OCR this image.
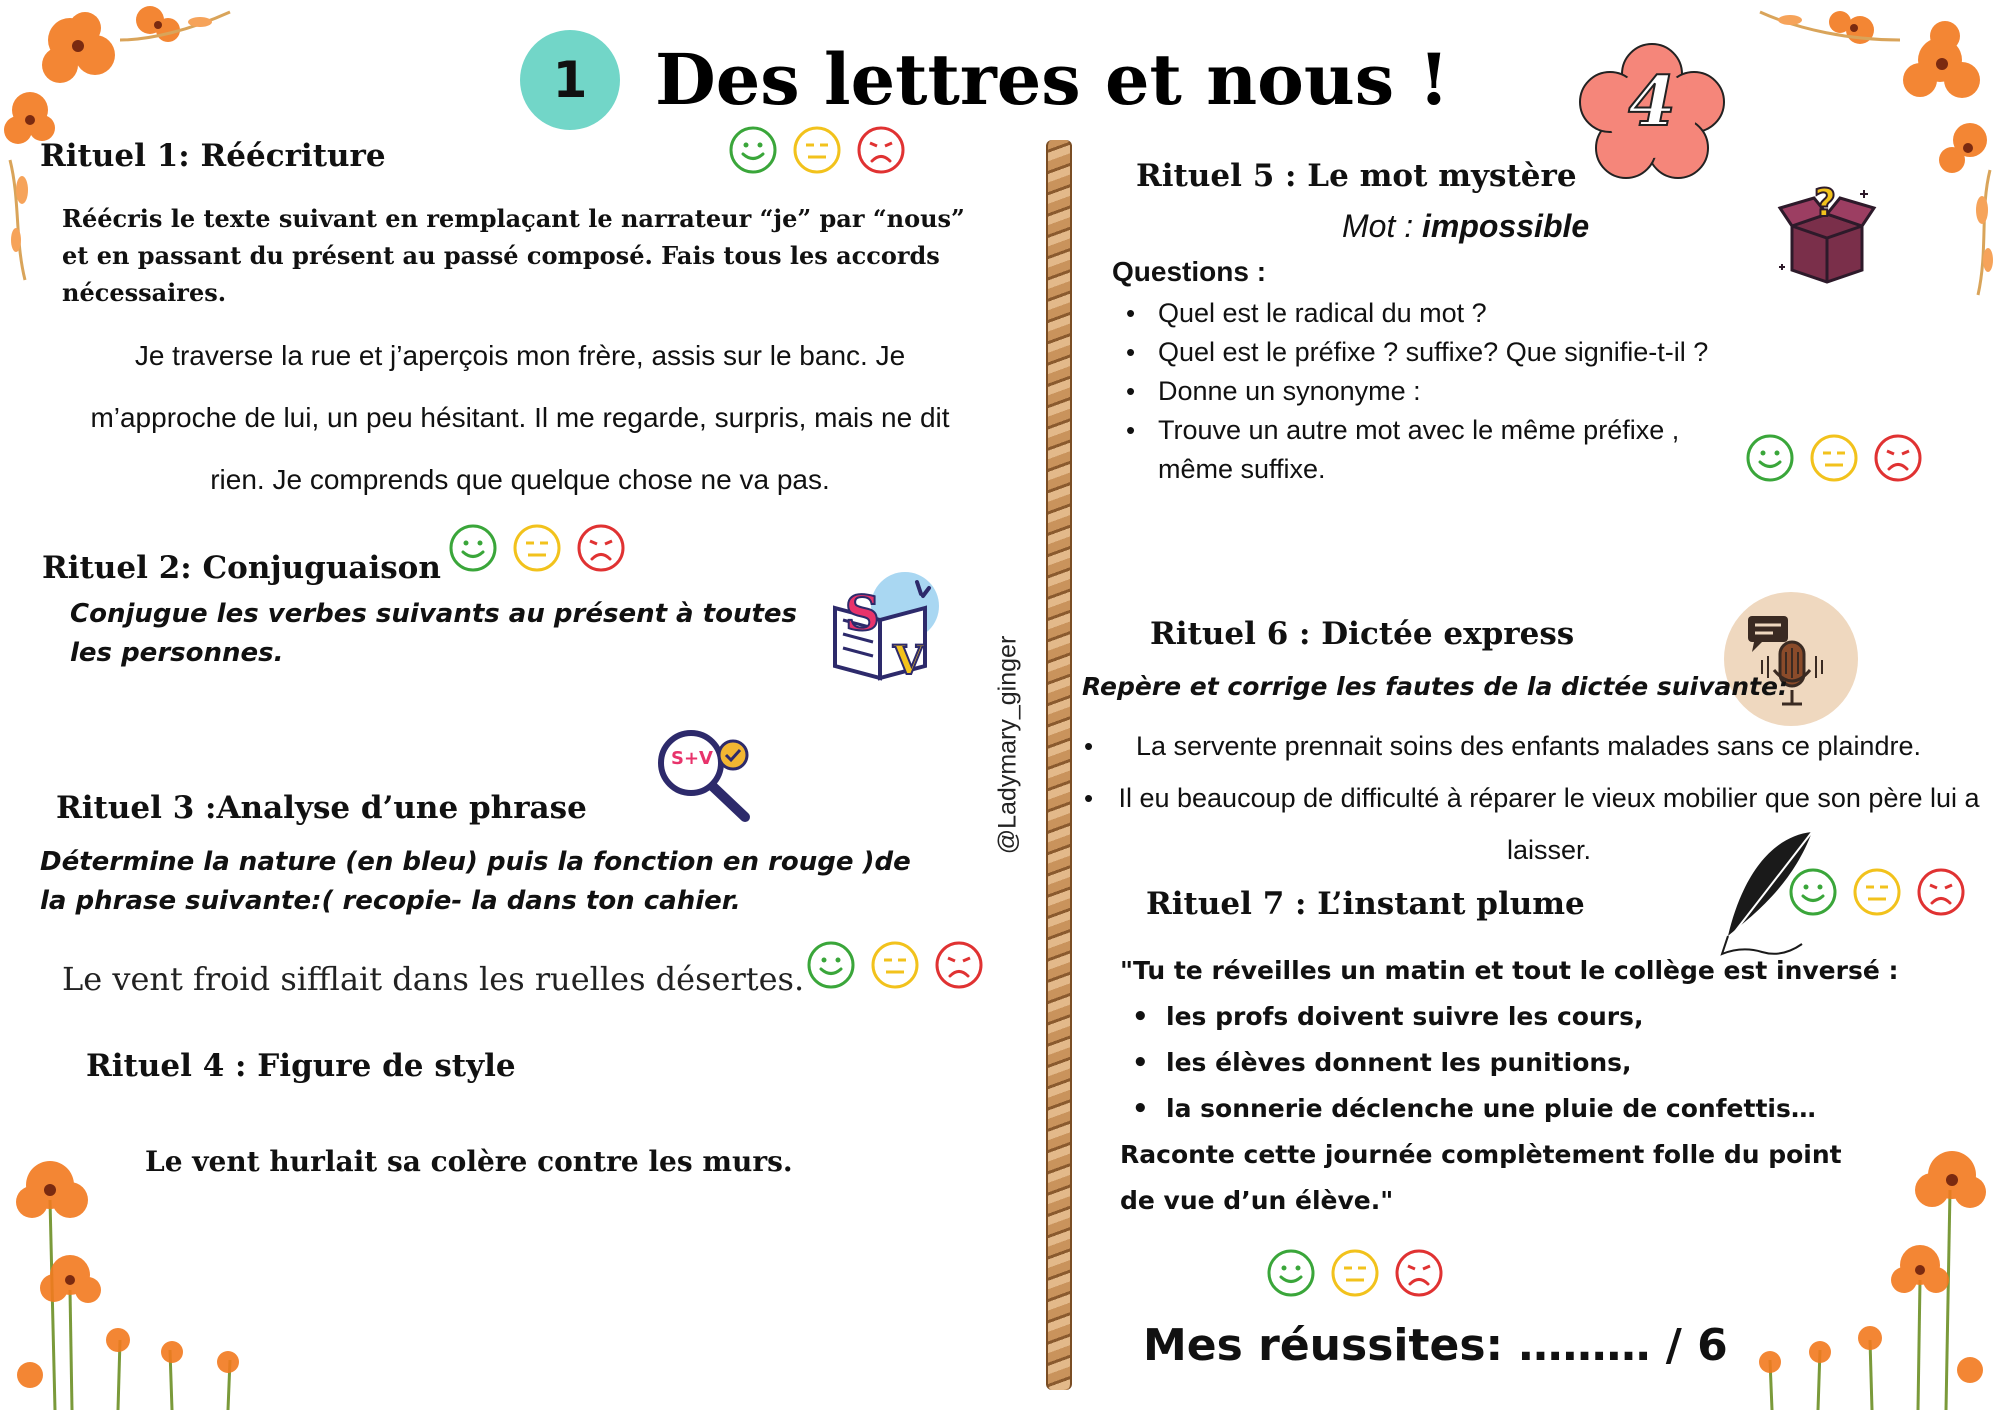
1 Des lettres et nous !	4
@Ladymary_ginger
Rituel 1: Réécriture
Réécris le texte suivant en remplaçant le narrateur “je” par “nous” et en passant du présent au passé composé. Fais tous les accords nécessaires.
Je traverse la rue et j’aperçois mon frère, assis sur le banc. Je
m’approche de lui, un peu hésitant. Il me regarde, surpris, mais ne dit
rien. Je comprends que quelque chose ne va pas.
Rituel 2: Conjuguaison
Conjugue les verbes suivants au présent à toutes les personnes.
S
V
S+V
Rituel 3 :Analyse d’une phrase
Détermine la nature (en bleu) puis la fonction en rouge )de la phrase suivante:( recopie- la dans ton cahier.
Le vent froid sifflait dans les ruelles désertes.
Rituel 4 : Figure de style
Le vent hurlait sa colère contre les murs.
Rituel 5 : Le mot mystère
Mot : impossible
?
Questions :
• Quel est le radical du mot ?
• Quel est le préfixe ? suffixe? Que signifie-t-il ?
• Donne un synonyme :
• Trouve un autre mot avec le même préfixe , même suffixe.
Rituel 6 : Dictée express
Repère et corrige les fautes de la dictée suivante:
• La servente prennait soins des enfants malades sans ce plaindre.
• Il eu beaucoup de difficulté à réparer le vieux mobilier que son père lui a laisser.
Rituel 7 : L’instant plume
"Tu te réveilles un matin et tout le collège est inversé :
• les profs doivent suivre les cours,
• les élèves donnent les punitions,
• la sonnerie déclenche une pluie de confettis…
Raconte cette journée complètement folle du point de vue d’un élève."
Mes réussites: ……… / 6
